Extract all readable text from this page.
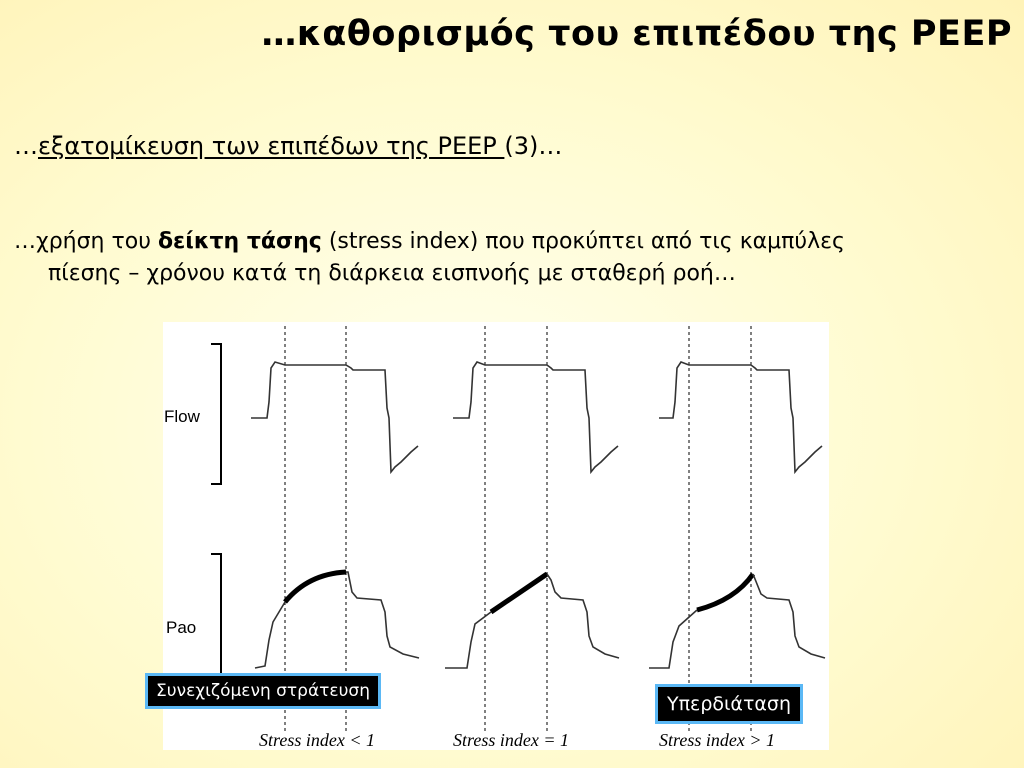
…καθορισμός του επιπέδου της PEEP
…εξατομίκευση των επιπέδων της PEEP (3)…
…χρήση του δείκτη τάσης (stress index) που προκύπτει από τις καμπύλες
πίεσης – χρόνου κατά τη διάρκεια εισπνοής με σταθερή ροή…
Flow
Pao
Stress index < 1	Stress index = 1	Stress index > 1
Συνεχιζόμενη στράτευση
Υπερδιάταση
